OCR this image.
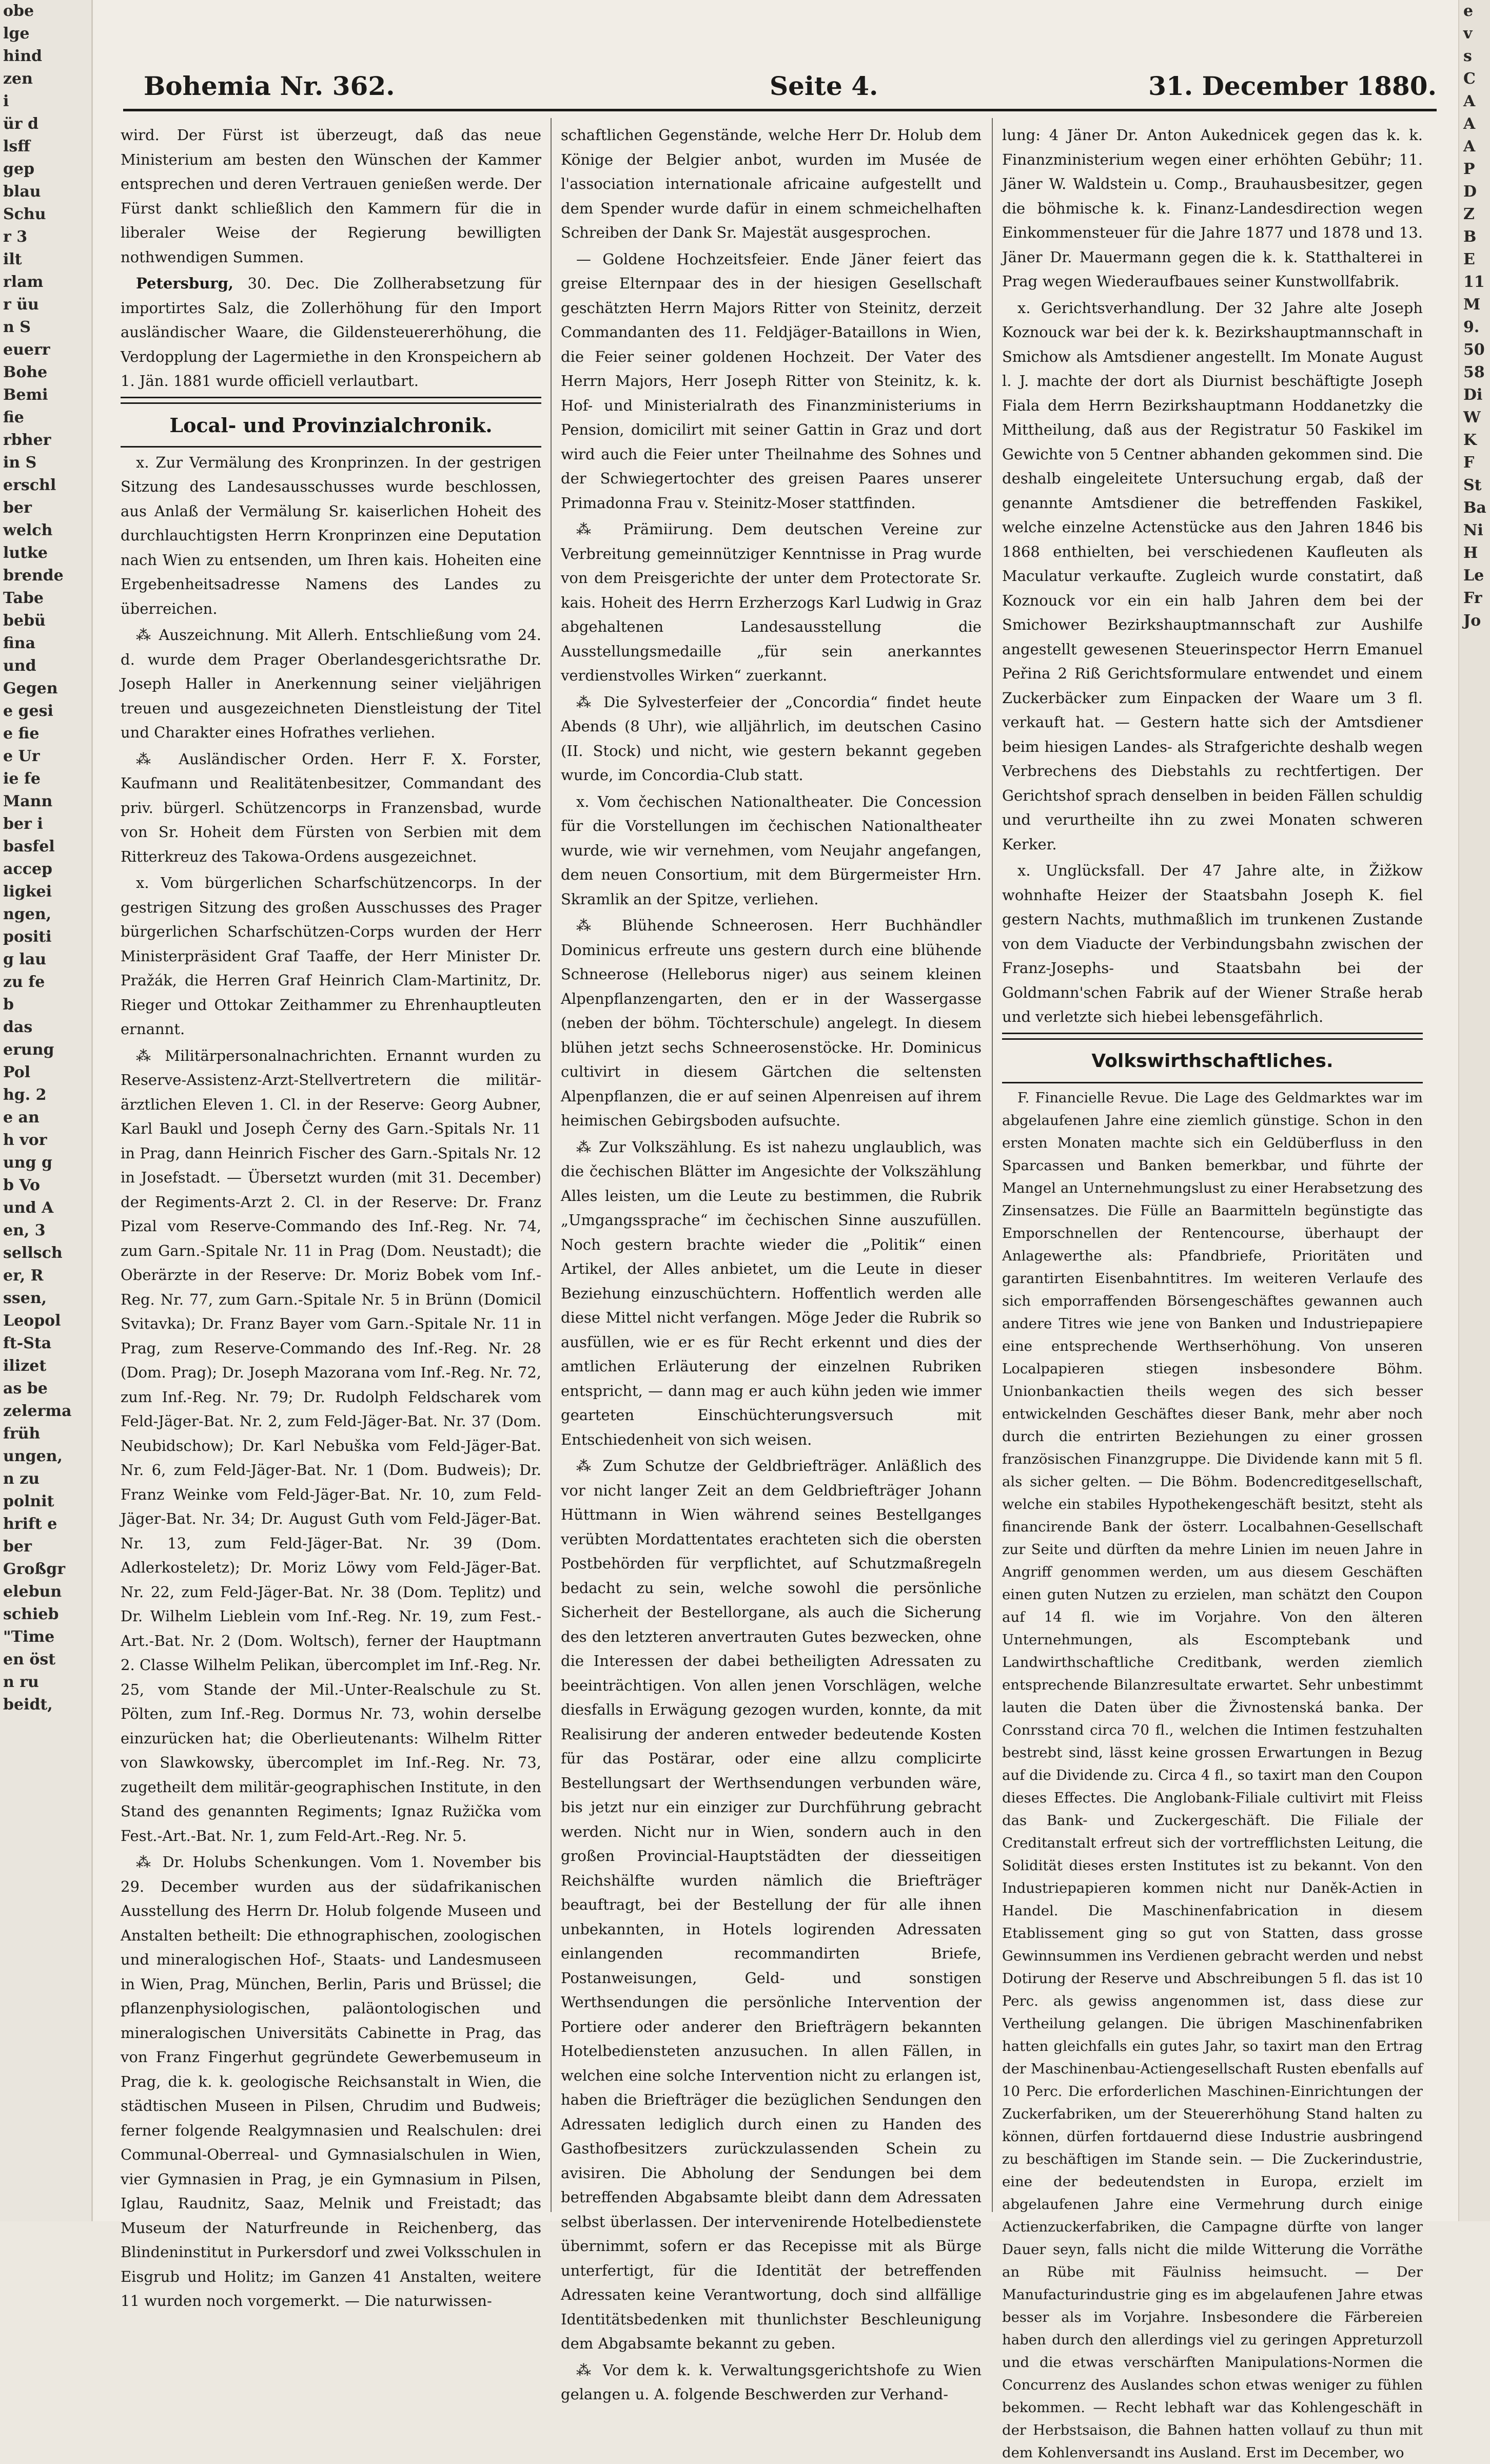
obe
lge
hind
zen
i
ür d
lsff
gep
blau
Schu
r 3
ilt
rlam
r üu
n S
euerr
Bohe
Bemi
fie
rbher
in S
erschl
ber
welch
lutke
brende
Tabe
bebü
fina
und
Gegen
e gesi
e fie
e Ur
ie fe
Mann
ber i
basfel
accep
ligkei
ngen,
positi
g lau
zu fe
b
das
erung
Pol
hg. 2
e an
h vor
ung g
b Vo
und A
en, 3
sellsch
er, R
ssen,
Leopol
ft-Sta
ilizet
as be
zelerma
früh
ungen,
n zu
polnit
hrift e
ber
Großgr
elebun
schieb
"Time
en öst
n ru
beidt,
e
v
s
C
A
A
A
P
D
Z
B
E
11
M
9.
50
58
Di
W
K
F
St
Ba
Ni
H
Le
Fr
Jo
Bohemia Nr. 362.	Seite 4.	31. December 1880.

wird. Der Fürst ist überzeugt, daß das neue Ministerium am besten den Wünschen der Kammer entsprechen und deren Vertrauen genießen werde. Der Fürst dankt schließlich den Kammern für die in liberaler Weise der Regierung bewilligten nothwendigen Summen.

Petersburg, 30. Dec. Die Zollherabsetzung für importirtes Salz, die Zollerhöhung für den Import ausländischer Waare, die Gildensteuererhöhung, die Verdopplung der Lagermiethe in den Kronspeichern ab 1. Jän. 1881 wurde officiell verlautbart.

Local- und Provinzialchronik.

x. Zur Vermälung des Kronprinzen. In der gestrigen Sitzung des Landesausschusses wurde beschlossen, aus Anlaß der Vermälung Sr. kaiserlichen Hoheit des durchlauchtigsten Herrn Kronprinzen eine Deputation nach Wien zu entsenden, um Ihren kais. Hoheiten eine Ergebenheitsadresse Namens des Landes zu überreichen.

⁂ Auszeichnung. Mit Allerh. Entschließung vom 24. d. wurde dem Prager Oberlandesgerichtsrathe Dr. Joseph Haller in Anerkennung seiner vieljährigen treuen und ausgezeichneten Dienstleistung der Titel und Charakter eines Hofrathes verliehen.

⁂ Ausländischer Orden. Herr F. X. Forster, Kaufmann und Realitätenbesitzer, Commandant des priv. bürgerl. Schützencorps in Franzensbad, wurde von Sr. Hoheit dem Fürsten von Serbien mit dem Ritterkreuz des Takowa-Ordens ausgezeichnet.

x. Vom bürgerlichen Scharfschützencorps. In der gestrigen Sitzung des großen Ausschusses des Prager bürgerlichen Scharfschützen-Corps wurden der Herr Ministerpräsident Graf Taaffe, der Herr Minister Dr. Pražák, die Herren Graf Heinrich Clam-Martinitz, Dr. Rieger und Ottokar Zeithammer zu Ehrenhauptleuten ernannt.

⁂ Militärpersonalnachrichten. Ernannt wurden zu Reserve-Assistenz-Arzt-Stellvertretern die militär-ärztlichen Eleven 1. Cl. in der Reserve: Georg Aubner, Karl Baukl und Joseph Černy des Garn.-Spitals Nr. 11 in Prag, dann Heinrich Fischer des Garn.-Spitals Nr. 12 in Josefstadt. — Übersetzt wurden (mit 31. December) der Regiments-Arzt 2. Cl. in der Reserve: Dr. Franz Pizal vom Reserve-Commando des Inf.-Reg. Nr. 74, zum Garn.-Spitale Nr. 11 in Prag (Dom. Neustadt); die Oberärzte in der Reserve: Dr. Moriz Bobek vom Inf.-Reg. Nr. 77, zum Garn.-Spitale Nr. 5 in Brünn (Domicil Svitavka); Dr. Franz Bayer vom Garn.-Spitale Nr. 11 in Prag, zum Reserve-Commando des Inf.-Reg. Nr. 28 (Dom. Prag); Dr. Joseph Mazorana vom Inf.-Reg. Nr. 72, zum Inf.-Reg. Nr. 79; Dr. Rudolph Feldscharek vom Feld-Jäger-Bat. Nr. 2, zum Feld-Jäger-Bat. Nr. 37 (Dom. Neubidschow); Dr. Karl Nebuška vom Feld-Jäger-Bat. Nr. 6, zum Feld-Jäger-Bat. Nr. 1 (Dom. Budweis); Dr. Franz Weinke vom Feld-Jäger-Bat. Nr. 10, zum Feld-Jäger-Bat. Nr. 34; Dr. August Guth vom Feld-Jäger-Bat. Nr. 13, zum Feld-Jäger-Bat. Nr. 39 (Dom. Adlerkosteletz); Dr. Moriz Löwy vom Feld-Jäger-Bat. Nr. 22, zum Feld-Jäger-Bat. Nr. 38 (Dom. Teplitz) und Dr. Wilhelm Lieblein vom Inf.-Reg. Nr. 19, zum Fest.-Art.-Bat. Nr. 2 (Dom. Woltsch), ferner der Hauptmann 2. Classe Wilhelm Pelikan, übercomplet im Inf.-Reg. Nr. 25, vom Stande der Mil.-Unter-Realschule zu St. Pölten, zum Inf.-Reg. Dormus Nr. 73, wohin derselbe einzurücken hat; die Oberlieutenants: Wilhelm Ritter von Slawkowsky, übercomplet im Inf.-Reg. Nr. 73, zugetheilt dem militär-geographischen Institute, in den Stand des genannten Regiments; Ignaz Ružička vom Fest.-Art.-Bat. Nr. 1, zum Feld-Art.-Reg. Nr. 5.

⁂ Dr. Holubs Schenkungen. Vom 1. November bis 29. December wurden aus der südafrikanischen Ausstellung des Herrn Dr. Holub folgende Museen und Anstalten betheilt: Die ethnographischen, zoologischen und mineralogischen Hof-, Staats- und Landesmuseen in Wien, Prag, München, Berlin, Paris und Brüssel; die pflanzenphysiologischen, paläontologischen und mineralogischen Universitäts Cabinette in Prag, das von Franz Fingerhut gegründete Gewerbemuseum in Prag, die k. k. geologische Reichsanstalt in Wien, die städtischen Museen in Pilsen, Chrudim und Budweis; ferner folgende Realgymnasien und Realschulen: drei Communal-Oberreal- und Gymnasialschulen in Wien, vier Gymnasien in Prag, je ein Gymnasium in Pilsen, Iglau, Raudnitz, Saaz, Melnik und Freistadt; das Museum der Naturfreunde in Reichenberg, das Blindeninstitut in Purkersdorf und zwei Volksschulen in Eisgrub und Holitz; im Ganzen 41 Anstalten, weitere 11 wurden noch vorgemerkt. — Die naturwissen-

schaftlichen Gegenstände, welche Herr Dr. Holub dem Könige der Belgier anbot, wurden im Musée de l'association internationale africaine aufgestellt und dem Spender wurde dafür in einem schmeichelhaften Schreiben der Dank Sr. Majestät ausgesprochen.

— Goldene Hochzeitsfeier. Ende Jäner feiert das greise Elternpaar des in der hiesigen Gesellschaft geschätzten Herrn Majors Ritter von Steinitz, derzeit Commandanten des 11. Feldjäger-Bataillons in Wien, die Feier seiner goldenen Hochzeit. Der Vater des Herrn Majors, Herr Joseph Ritter von Steinitz, k. k. Hof- und Ministerialrath des Finanzministeriums in Pension, domicilirt mit seiner Gattin in Graz und dort wird auch die Feier unter Theilnahme des Sohnes und der Schwiegertochter des greisen Paares unserer Primadonna Frau v. Steinitz-Moser stattfinden.

⁂ Prämiirung. Dem deutschen Vereine zur Verbreitung gemeinnütziger Kenntnisse in Prag wurde von dem Preisgerichte der unter dem Protectorate Sr. kais. Hoheit des Herrn Erzherzogs Karl Ludwig in Graz abgehaltenen Landesausstellung die Ausstellungsmedaille „für sein anerkanntes verdienstvolles Wirken“ zuerkannt.

⁂ Die Sylvesterfeier der „Concordia“ findet heute Abends (8 Uhr), wie alljährlich, im deutschen Casino (II. Stock) und nicht, wie gestern bekannt gegeben wurde, im Concordia-Club statt.

x. Vom čechischen Nationaltheater. Die Concession für die Vorstellungen im čechischen Nationaltheater wurde, wie wir vernehmen, vom Neujahr angefangen, dem neuen Consortium, mit dem Bürgermeister Hrn. Skramlik an der Spitze, verliehen.

⁂ Blühende Schneerosen. Herr Buchhändler Dominicus erfreute uns gestern durch eine blühende Schneerose (Helleborus niger) aus seinem kleinen Alpenpflanzengarten, den er in der Wassergasse (neben der böhm. Töchterschule) angelegt. In diesem blühen jetzt sechs Schneerosenstöcke. Hr. Dominicus cultivirt in diesem Gärtchen die seltensten Alpenpflanzen, die er auf seinen Alpenreisen auf ihrem heimischen Gebirgsboden aufsuchte.

⁂ Zur Volkszählung. Es ist nahezu unglaublich, was die čechischen Blätter im Angesichte der Volkszählung Alles leisten, um die Leute zu bestimmen, die Rubrik „Umgangssprache“ im čechischen Sinne auszufüllen. Noch gestern brachte wieder die „Politik“ einen Artikel, der Alles anbietet, um die Leute in dieser Beziehung einzuschüchtern. Hoffentlich werden alle diese Mittel nicht verfangen. Möge Jeder die Rubrik so ausfüllen, wie er es für Recht erkennt und dies der amtlichen Erläuterung der einzelnen Rubriken entspricht, — dann mag er auch kühn jeden wie immer gearteten Einschüchterungsversuch mit Entschiedenheit von sich weisen.

⁂ Zum Schutze der Geldbriefträger. Anläßlich des vor nicht langer Zeit an dem Geldbriefträger Johann Hüttmann in Wien während seines Bestellganges verübten Mordattentates erachteten sich die obersten Postbehörden für verpflichtet, auf Schutzmaßregeln bedacht zu sein, welche sowohl die persönliche Sicherheit der Bestellorgane, als auch die Sicherung des den letzteren anvertrauten Gutes bezwecken, ohne die Interessen der dabei betheiligten Adressaten zu beeinträchtigen. Von allen jenen Vorschlägen, welche diesfalls in Erwägung gezogen wurden, konnte, da mit Realisirung der anderen entweder bedeutende Kosten für das Postärar, oder eine allzu complicirte Bestellungsart der Werthsendungen verbunden wäre, bis jetzt nur ein einziger zur Durchführung gebracht werden. Nicht nur in Wien, sondern auch in den großen Provincial-Hauptstädten der diesseitigen Reichshälfte wurden nämlich die Briefträger beauftragt, bei der Bestellung der für alle ihnen unbekannten, in Hotels logirenden Adressaten einlangenden recommandirten Briefe, Postanweisungen, Geld- und sonstigen Werthsendungen die persönliche Intervention der Portiere oder anderer den Briefträgern bekannten Hotelbediensteten anzusuchen. In allen Fällen, in welchen eine solche Intervention nicht zu erlangen ist, haben die Briefträger die bezüglichen Sendungen den Adressaten lediglich durch einen zu Handen des Gasthofbesitzers zurückzulassenden Schein zu avisiren. Die Abholung der Sendungen bei dem betreffenden Abgabsamte bleibt dann dem Adressaten selbst überlassen. Der intervenirende Hotelbedienstete übernimmt, sofern er das Recepisse mit als Bürge unterfertigt, für die Identität der betreffenden Adressaten keine Verantwortung, doch sind allfällige Identitätsbedenken mit thunlichster Beschleunigung dem Abgabsamte bekannt zu geben.

⁂ Vor dem k. k. Verwaltungsgerichtshofe zu Wien gelangen u. A. folgende Beschwerden zur Verhand-

lung: 4 Jäner Dr. Anton Aukednicek gegen das k. k. Finanzministerium wegen einer erhöhten Gebühr; 11. Jäner W. Waldstein u. Comp., Brauhausbesitzer, gegen die böhmische k. k. Finanz-Landesdirection wegen Einkommensteuer für die Jahre 1877 und 1878 und 13. Jäner Dr. Mauermann gegen die k. k. Statthalterei in Prag wegen Wiederaufbaues seiner Kunstwollfabrik.

x. Gerichtsverhandlung. Der 32 Jahre alte Joseph Koznouck war bei der k. k. Bezirkshauptmannschaft in Smichow als Amtsdiener angestellt. Im Monate August l. J. machte der dort als Diurnist beschäftigte Joseph Fiala dem Herrn Bezirkshauptmann Hoddanetzky die Mittheilung, daß aus der Registratur 50 Faskikel im Gewichte von 5 Centner abhanden gekommen sind. Die deshalb eingeleitete Untersuchung ergab, daß der genannte Amtsdiener die betreffenden Faskikel, welche einzelne Actenstücke aus den Jahren 1846 bis 1868 enthielten, bei verschiedenen Kaufleuten als Maculatur verkaufte. Zugleich wurde constatirt, daß Koznouck vor ein ein halb Jahren dem bei der Smichower Bezirkshauptmannschaft zur Aushilfe angestellt gewesenen Steuerinspector Herrn Emanuel Peřina 2 Riß Gerichtsformulare entwendet und einem Zuckerbäcker zum Einpacken der Waare um 3 fl. verkauft hat. — Gestern hatte sich der Amtsdiener beim hiesigen Landes- als Strafgerichte deshalb wegen Verbrechens des Diebstahls zu rechtfertigen. Der Gerichtshof sprach denselben in beiden Fällen schuldig und verurtheilte ihn zu zwei Monaten schweren Kerker.

x. Unglücksfall. Der 47 Jahre alte, in Žižkow wohnhafte Heizer der Staatsbahn Joseph K. fiel gestern Nachts, muthmaßlich im trunkenen Zustande von dem Viaducte der Verbindungsbahn zwischen der Franz-Josephs- und Staatsbahn bei der Goldmann'schen Fabrik auf der Wiener Straße herab und verletzte sich hiebei lebensgefährlich.

Volkswirthschaftliches.

F. Financielle Revue. Die Lage des Geldmarktes war im abgelaufenen Jahre eine ziemlich günstige. Schon in den ersten Monaten machte sich ein Geldüberfluss in den Sparcassen und Banken bemerkbar, und führte der Mangel an Unternehmungslust zu einer Herabsetzung des Zinsensatzes. Die Fülle an Baarmitteln begünstigte das Emporschnellen der Rentencourse, überhaupt der Anlagewerthe als: Pfandbriefe, Prioritäten und garantirten Eisenbahntitres. Im weiteren Verlaufe des sich emporraffenden Börsengeschäftes gewannen auch andere Titres wie jene von Banken und Industriepapiere eine entsprechende Werthserhöhung. Von unseren Localpapieren stiegen insbesondere Böhm. Unionbankactien theils wegen des sich besser entwickelnden Geschäftes dieser Bank, mehr aber noch durch die entrirten Beziehungen zu einer grossen französischen Finanzgruppe. Die Dividende kann mit 5 fl. als sicher gelten. — Die Böhm. Bodencreditgesellschaft, welche ein stabiles Hypothekengeschäft besitzt, steht als financirende Bank der österr. Localbahnen-Gesellschaft zur Seite und dürften da mehre Linien im neuen Jahre in Angriff genommen werden, um aus diesem Geschäften einen guten Nutzen zu erzielen, man schätzt den Coupon auf 14 fl. wie im Vorjahre. Von den älteren Unternehmungen, als Escomptebank und Landwirthschaftliche Creditbank, werden ziemlich entsprechende Bilanzresultate erwartet. Sehr unbestimmt lauten die Daten über die Živnostenská banka. Der Conrsstand circa 70 fl., welchen die Intimen festzuhalten bestrebt sind, lässt keine grossen Erwartungen in Bezug auf die Dividende zu. Circa 4 fl., so taxirt man den Coupon dieses Effectes. Die Anglobank-Filiale cultivirt mit Fleiss das Bank- und Zuckergeschäft. Die Filiale der Creditanstalt erfreut sich der vortrefflichsten Leitung, die Solidität dieses ersten Institutes ist zu bekannt. Von den Industriepapieren kommen nicht nur Daněk-Actien in Handel. Die Maschinenfabrication in diesem Etablissement ging so gut von Statten, dass grosse Gewinnsummen ins Verdienen gebracht werden und nebst Dotirung der Reserve und Abschreibungen 5 fl. das ist 10 Perc. als gewiss angenommen ist, dass diese zur Vertheilung gelangen. Die übrigen Maschinenfabriken hatten gleichfalls ein gutes Jahr, so taxirt man den Ertrag der Maschinenbau-Actiengesellschaft Rusten ebenfalls auf 10 Perc. Die erforderlichen Maschinen-Einrichtungen der Zuckerfabriken, um der Steuererhöhung Stand halten zu können, dürfen fortdauernd diese Industrie ausbringend zu beschäftigen im Stande sein. — Die Zuckerindustrie, eine der bedeutendsten in Europa, erzielt im abgelaufenen Jahre eine Vermehrung durch einige Actienzuckerfabriken, die Campagne dürfte von langer Dauer seyn, falls nicht die milde Witterung die Vorräthe an Rübe mit Fäulniss heimsucht. — Der Manufacturindustrie ging es im abgelaufenen Jahre etwas besser als im Vorjahre. Insbesondere die Färbereien haben durch den allerdings viel zu geringen Appreturzoll und die etwas verschärften Manipulations-Normen die Concurrenz des Auslandes schon etwas weniger zu fühlen bekommen. — Recht lebhaft war das Kohlengeschäft in der Herbstsaison, die Bahnen hatten vollauf zu thun mit dem Kohlenversandt ins Ausland. Erst im December, wo
